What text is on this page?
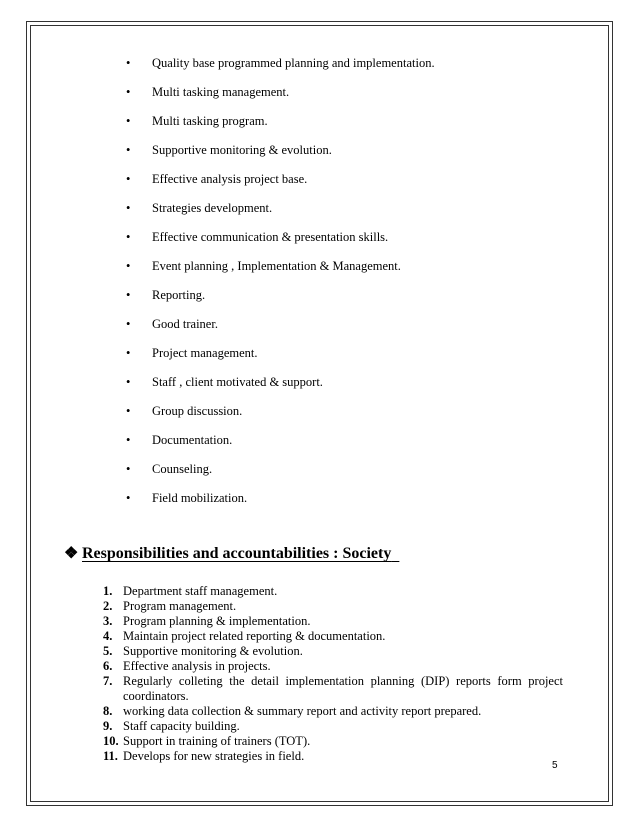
•	Quality base programmed planning and implementation.
•	Multi tasking management.
•	Multi tasking program.
•	Supportive monitoring & evolution.
•	Effective analysis project base.
•	Strategies development.
•	Effective communication & presentation skills.
•	Event planning , Implementation & Management.
•	Reporting.
•	Good trainer.
•	Project management.
•	Staff , client motivated & support.
•	Group discussion.
•	Documentation.
•	Counseling.
•	Field mobilization.
❖ Responsibilities and accountabilities : Society
1. Department staff management.
2. Program management.
3. Program planning & implementation.
4. Maintain project related reporting & documentation.
5. Supportive monitoring & evolution.
6. Effective analysis in projects.
7. Regularly colleting the detail implementation planning (DIP) reports form project coordinators.
8. working data collection & summary report and activity report prepared.
9. Staff capacity building.
10. Support in training of trainers (TOT).
11. Develops for new strategies in field.
5
